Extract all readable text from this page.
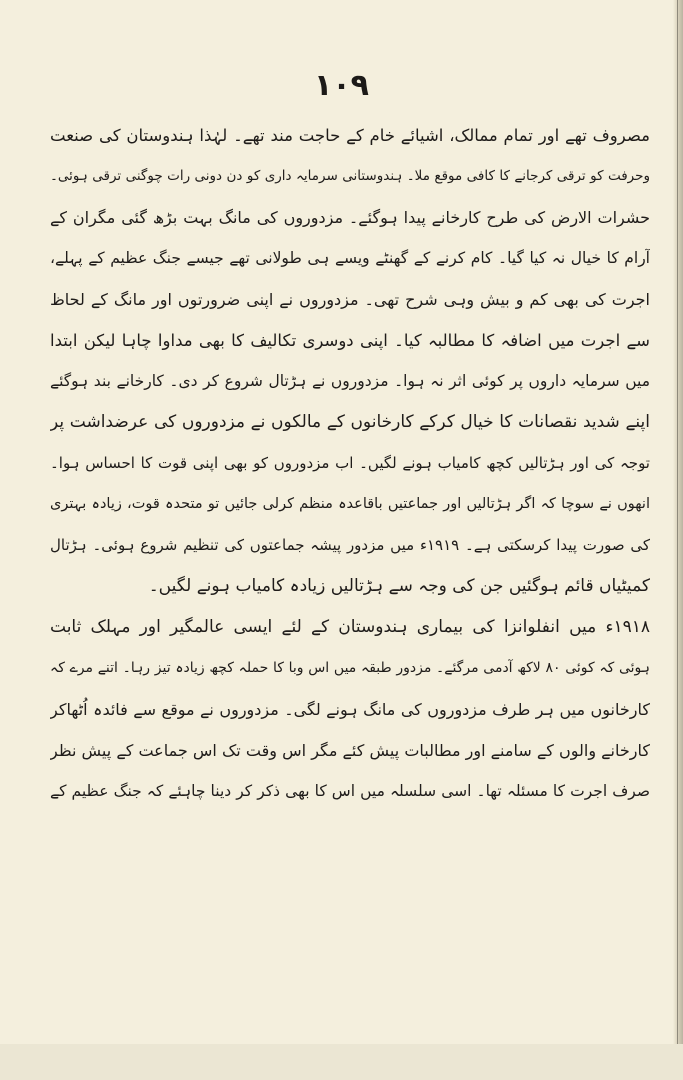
۱۰۹
مصروف تھے اور تمام ممالک، اشیائے خام کے حاجت مند تھے۔ لہٰذا ہندوستان کی صنعت
وحرفت کو ترقی کرجانے کا کافی موقع ملا۔ ہندوستانی سرمایہ داری کو دن دونی رات چوگنی ترقی ہوئی۔
حشرات الارض کی طرح کارخانے پیدا ہوگئے۔ مزدوروں کی مانگ بہت بڑھ گئی مگران کے
آرام کا خیال نہ کیا گیا۔ کام کرنے کے گھنٹے ویسے ہی طولانی تھے جیسے جنگ عظیم کے پہلے،
اجرت کی بھی کم و بیش وہی شرح تھی۔ مزدوروں نے اپنی ضرورتوں اور مانگ کے لحاظ
سے اجرت میں اضافہ کا مطالبہ کیا۔ اپنی دوسری تکالیف کا بھی مداوا چاہا لیکن ابتدا
میں سرمایہ داروں پر کوئی اثر نہ ہوا۔ مزدوروں نے ہڑتال شروع کر دی۔ کارخانے بند ہوگئے
اپنے شدید نقصانات کا خیال کرکے کارخانوں کے مالکوں نے مزدوروں کی عرضداشت پر
توجہ کی اور ہڑتالیں کچھ کامیاب ہونے لگیں۔ اب مزدوروں کو بھی اپنی قوت کا احساس ہوا۔
انھوں نے سوچا کہ اگر ہڑتالیں اور جماعتیں باقاعدہ منظم کرلی جائیں تو متحدہ قوت، زیادہ بہتری
کی صورت پیدا کرسکتی ہے۔ ۱۹۱۹ء میں مزدور پیشہ جماعتوں کی تنظیم شروع ہوئی۔ ہڑتال
کمیٹیاں قائم ہوگئیں جن کی وجہ سے ہڑتالیں زیادہ کامیاب ہونے لگیں۔
۱۹۱۸ء میں انفلوانزا کی بیماری ہندوستان کے لئے ایسی عالمگیر اور مہلک ثابت
ہوئی کہ کوئی ۸۰ لاکھ آدمی مرگئے۔ مزدور طبقہ میں اس وبا کا حملہ کچھ زیادہ تیز رہا۔ اتنے مرے کہ
کارخانوں میں ہر طرف مزدوروں کی مانگ ہونے لگی۔ مزدوروں نے موقع سے فائدہ اُٹھاکر
کارخانے والوں کے سامنے اور مطالبات پیش کئے مگر اس وقت تک اس جماعت کے پیش نظر
صرف اجرت کا مسئلہ تھا۔ اسی سلسلہ میں اس کا بھی ذکر کر دینا چاہئے کہ جنگ عظیم کے
